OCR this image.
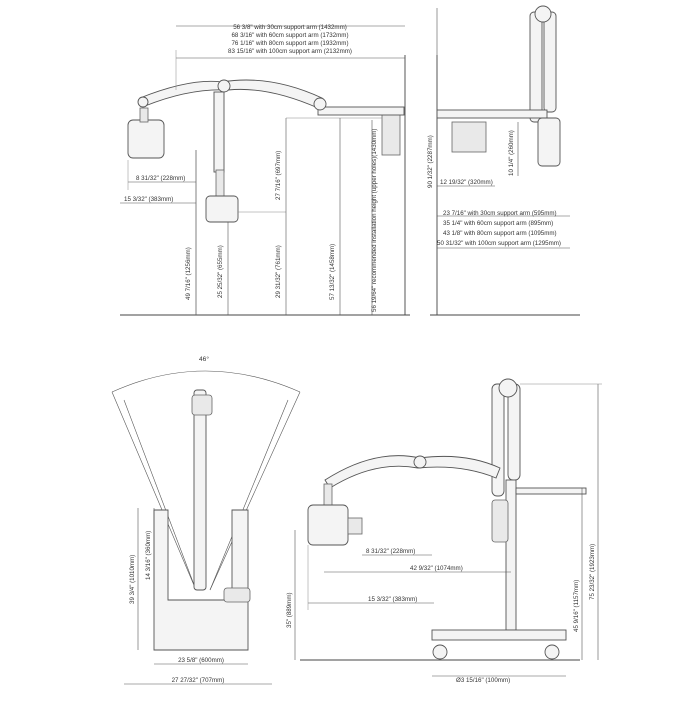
56 3/8" with 30cm support arm (1432mm)
68 3/16" with 60cm support arm (1732mm)
76 1/16" with 80cm support arm (1932mm)
83 15/16" with 100cm support arm (2132mm)
8 31/32" (228mm)
15 3/32" (383mm)
49 7/16" (1256mm)	25 25/32" (655mm)
27 7/16" (697mm)
29 31/32" (761mm)	57 13/32" (1458mm)	56 19/64" recommended installation height (upper holes)(1430mm)	90 1/32" (2287mm)	10 1/4" (260mm)
12 19/32" (320mm)
23 7/16" with 30cm support arm (595mm)
35 1/4" with 60cm support arm (895mm)
43 1/8" with 80cm support arm (1095mm)
50 31/32" with 100cm support arm (1295mm)
46°
39 3/4" (1010mm) 14 3/16" (360mm)
23 5/8" (600mm)
27 27/32" (707mm)
8 31/32" (228mm)
42 9/32" (1074mm)
15 3/32" (383mm)
35" (889mm)	45 9/16" (1157mm)
75 23/32" (1923mm)
Ø3 15/16" (100mm)
